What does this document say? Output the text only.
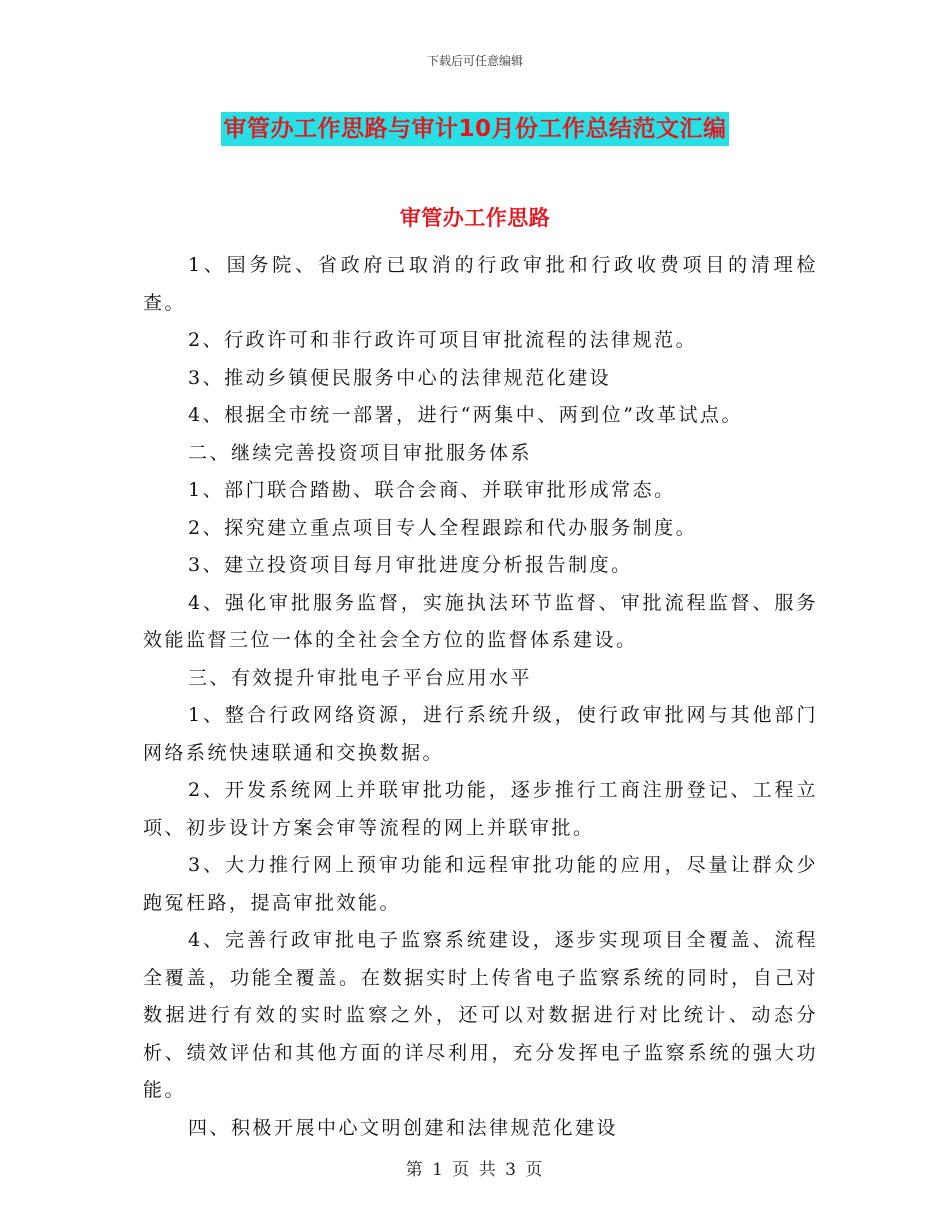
下载后可任意编辑
审管办工作思路与审计10月份工作总结范文汇编
审管办工作思路

1、国务院、省政府已取消的行政审批和行政收费项目的清理检查。

2、行政许可和非行政许可项目审批流程的法律规范。

3、推动乡镇便民服务中心的法律规范化建设

4、根据全市统一部署，进行“两集中、两到位”改革试点。

二、继续完善投资项目审批服务体系

1、部门联合踏勘、联合会商、并联审批形成常态。

2、探究建立重点项目专人全程跟踪和代办服务制度。

3、建立投资项目每月审批进度分析报告制度。

4、强化审批服务监督，实施执法环节监督、审批流程监督、服务效能监督三位一体的全社会全方位的监督体系建设。

三、有效提升审批电子平台应用水平

1、整合行政网络资源，进行系统升级，使行政审批网与其他部门网络系统快速联通和交换数据。

2、开发系统网上并联审批功能，逐步推行工商注册登记、工程立项、初步设计方案会审等流程的网上并联审批。

3、大力推行网上预审功能和远程审批功能的应用，尽量让群众少跑冤枉路，提高审批效能。

4、完善行政审批电子监察系统建设，逐步实现项目全覆盖、流程全覆盖，功能全覆盖。在数据实时上传省电子监察系统的同时，自己对数据进行有效的实时监察之外，还可以对数据进行对比统计、动态分析、绩效评估和其他方面的详尽利用，充分发挥电子监察系统的强大功能。

四、积极开展中心文明创建和法律规范化建设

第 1 页 共 3 页
